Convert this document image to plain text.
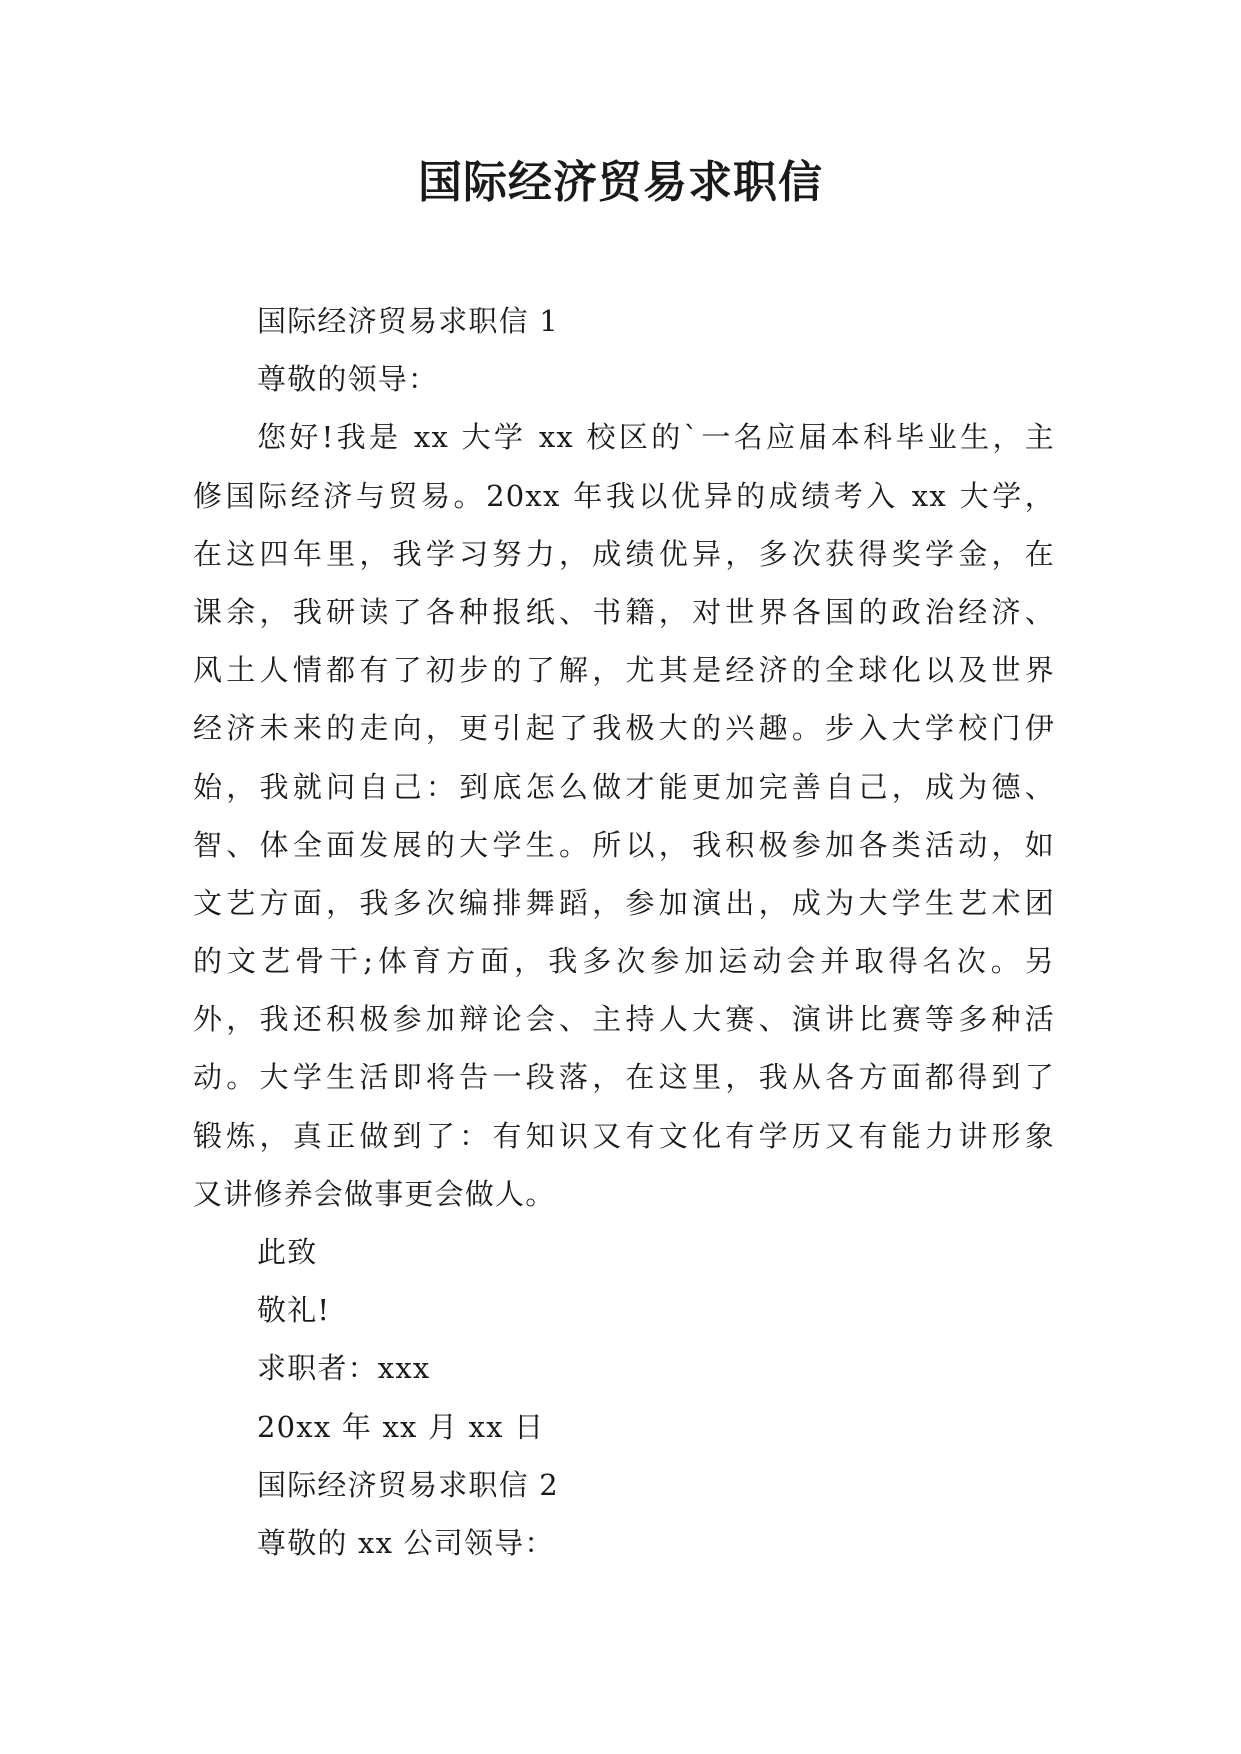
国际经济贸易求职信
国际经济贸易求职信 1
尊敬的领导：
您好!我是 xx 大学 xx 校区的`一名应届本科毕业生，主
修国际经济与贸易。20xx 年我以优异的成绩考入 xx 大学，
在这四年里，我学习努力，成绩优异，多次获得奖学金，在
课余，我研读了各种报纸、书籍，对世界各国的政治经济、
风土人情都有了初步的了解，尤其是经济的全球化以及世界
经济未来的走向，更引起了我极大的兴趣。步入大学校门伊
始，我就问自己：到底怎么做才能更加完善自己，成为德、
智、体全面发展的大学生。所以，我积极参加各类活动，如
文艺方面，我多次编排舞蹈，参加演出，成为大学生艺术团
的文艺骨干;体育方面，我多次参加运动会并取得名次。另
外，我还积极参加辩论会、主持人大赛、演讲比赛等多种活
动。大学生活即将告一段落，在这里，我从各方面都得到了
锻炼，真正做到了：有知识又有文化有学历又有能力讲形象
又讲修养会做事更会做人。
此致
敬礼!
求职者：xxx
20xx 年 xx 月 xx 日
国际经济贸易求职信 2
尊敬的 xx 公司领导：
